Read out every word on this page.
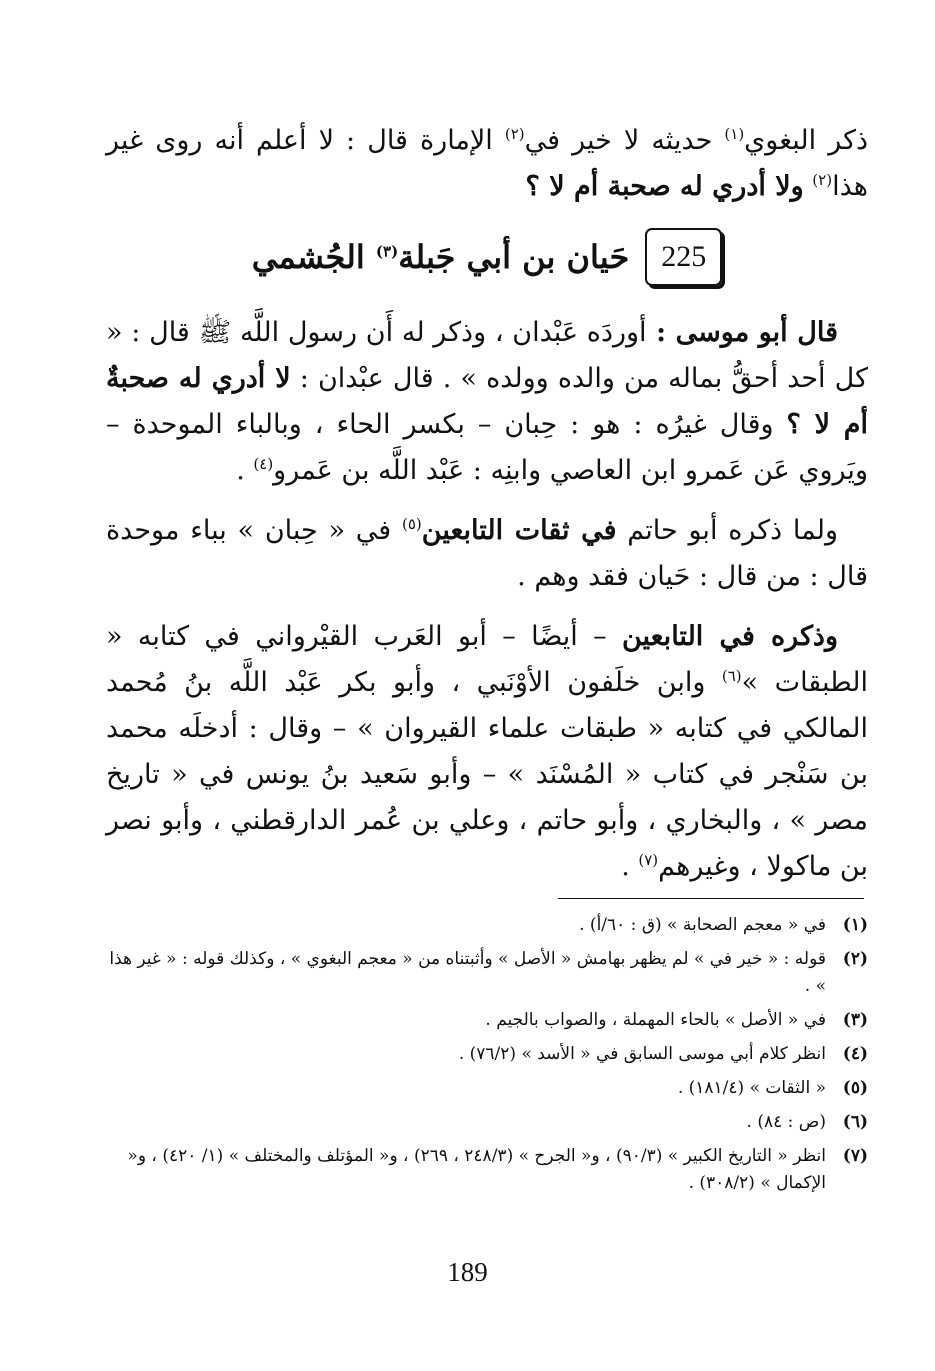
ذكر البغوي$^{(١)}$ حديثه لا خير في$^{(٢)}$ الإمارة قال : لا أعلم أنه روى غير هذا$^{(٢)}$ ولا أدري له صحبة أم لا ؟

225
حَيان بن أبي جَبلة$^{(٣)}$ الجُشمي

قال أبو موسى : أوردَه عَبْدان ، وذكر له أَن رسول اللَّه ﷺ قال : « كل أحد أحقُّ بماله من والده وولده » . قال عبْدان : لا أدري له صحبةٌ أم لا ؟ وقال غيرُه : هو : حِبان – بكسر الحاء ، وبالباء الموحدة – ويَروي عَن عَمرو ابن العاصي وابنِه : عَبْد اللَّه بن عَمرو$^{(٤)}$ .

ولما ذكره أبو حاتم في ثقات التابعين$^{(٥)}$ في « حِبان » بباء موحدة قال : من قال : حَيان فقد وهم .

وذكره في التابعين – أيضًا – أبو العَرب القيْرواني في كتابه « الطبقات »$^{(٦)}$ وابن خلَفون الأوْنَبي ، وأبو بكر عَبْد اللَّه بنُ مُحمد المالكي في كتابه « طبقات علماء القيروان » – وقال : أدخلَه محمد بن سَنْجر في كتاب « المُسْنَد » – وأبو سَعيد بنُ يونس في « تاريخ مصر » ، والبخاري ، وأبو حاتم ، وعلي بن عُمر الدارقطني ، وأبو نصر بن ماكولا ، وغيرهم$^{(٧)}$ .

(١)
في « معجم الصحابة » (ق : ٦٠/أ) .
(٢)
قوله : « خير في » لم يظهر بهامش « الأصل » وأثبتناه من « معجم البغوي » ، وكذلك قوله : « غير هذا » .
(٣)
في « الأصل » بالحاء المهملة ، والصواب بالجيم .
(٤)
انظر كلام أبي موسى السابق في « الأسد » (٧٦/٢) .
(٥)
« الثقات » (١٨١/٤) .
(٦)
(ص : ٨٤) .
(٧)
انظر « التاريخ الكبير » (٩٠/٣) ، و« الجرح » (٢٤٨/٣ ، ٢٦٩) ، و« المؤتلف والمختلف » (١/ ٤٢٠) ، و« الإكمال » (٣٠٨/٢) .
189
